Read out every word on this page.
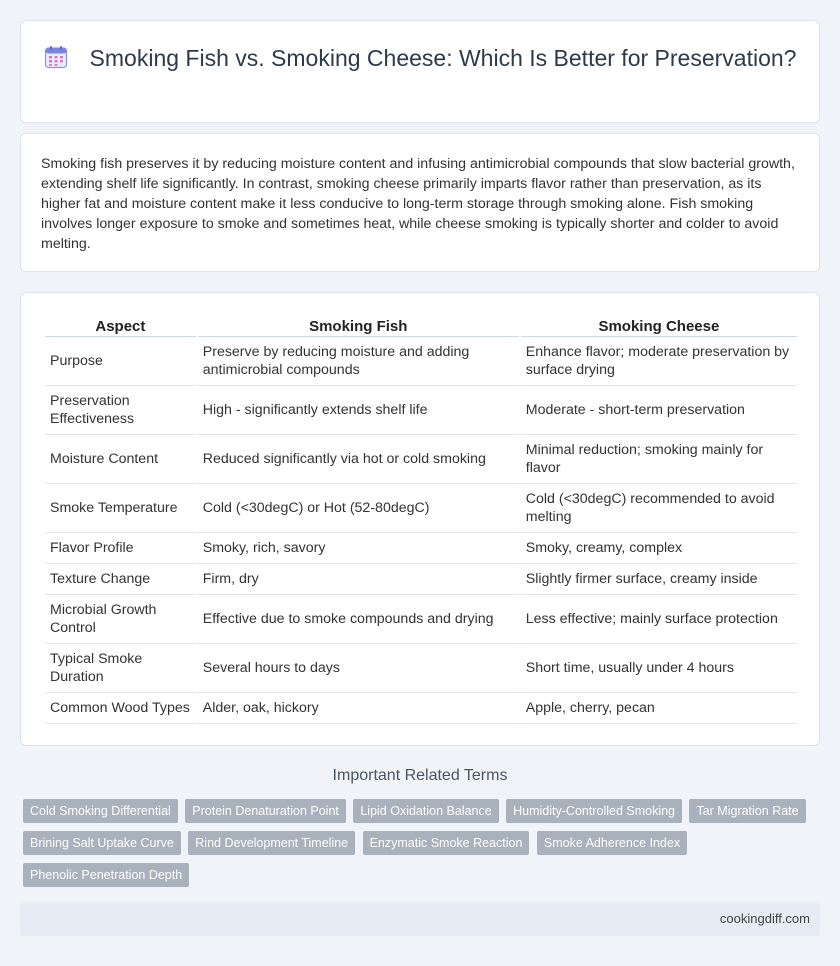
Smoking Fish vs. Smoking Cheese: Which Is Better for Preservation?

Smoking fish preserves it by reducing moisture content and infusing antimicrobial compounds that slow bacterial growth, extending shelf life significantly. In contrast, smoking cheese primarily imparts flavor rather than preservation, as its higher fat and moisture content make it less conducive to long-term storage through smoking alone. Fish smoking involves longer exposure to smoke and sometimes heat, while cheese smoking is typically shorter and colder to avoid melting.

Aspect	Smoking Fish	Smoking Cheese
Purpose	Preserve by reducing moisture and adding antimicrobial compounds	Enhance flavor; moderate preservation by surface drying
Preservation Effectiveness	High - significantly extends shelf life	Moderate - short-term preservation
Moisture Content	Reduced significantly via hot or cold smoking	Minimal reduction; smoking mainly for flavor
Smoke Temperature	Cold (<30degC) or Hot (52-80degC)	Cold (<30degC) recommended to avoid melting
Flavor Profile	Smoky, rich, savory	Smoky, creamy, complex
Texture Change	Firm, dry	Slightly firmer surface, creamy inside
Microbial Growth Control	Effective due to smoke compounds and drying	Less effective; mainly surface protection
Typical Smoke Duration	Several hours to days	Short time, usually under 4 hours
Common Wood Types	Alder, oak, hickory	Apple, cherry, pecan
Important Related Terms
Cold Smoking Differential Protein Denaturation Point Lipid Oxidation Balance Humidity-Controlled Smoking Tar Migration Rate Brining Salt Uptake Curve Rind Development Timeline Enzymatic Smoke Reaction Smoke Adherence Index Phenolic Penetration Depth
cookingdiff.com
